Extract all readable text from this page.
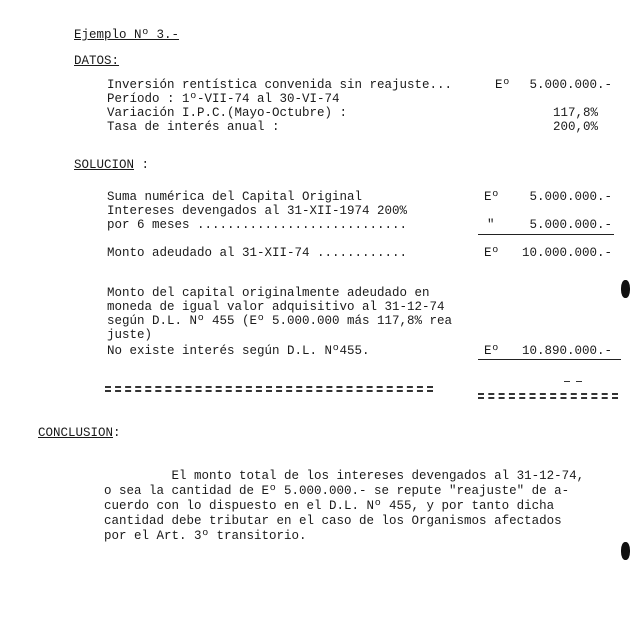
Ejemplo Nº 3.-
DATOS:
Inversión rentística convenida sin reajuste...	Eº	5.000.000.-
Período : 1º-VII-74 al 30-VI-74
Variación I.P.C.(Mayo-Octubre) :	117,8%
Tasa de interés anual :	200,0%
SOLUCION :
Suma numérica del Capital Original	Eº	5.000.000.-
Intereses devengados al 31-XII-1974 200%
por 6 meses ............................	"	5.000.000.-
Monto adeudado al 31-XII-74 ............	Eº	10.000.000.-
Monto del capital originalmente adeudado en
moneda de igual valor adquisitivo al 31-12-74
según D.L. Nº 455 (Eº 5.000.000 más 117,8% rea
juste)
No existe interés según D.L. Nº455.	Eº	10.890.000.-
CONCLUSION:
El monto total de los intereses devengados al 31-12-74,
o sea la cantidad de Eº 5.000.000.- se repute "reajuste" de a-
cuerdo con lo dispuesto en el D.L. Nº 455, y por tanto dicha
cantidad debe tributar en el caso de los Organismos afectados
por el Art. 3º transitorio.
